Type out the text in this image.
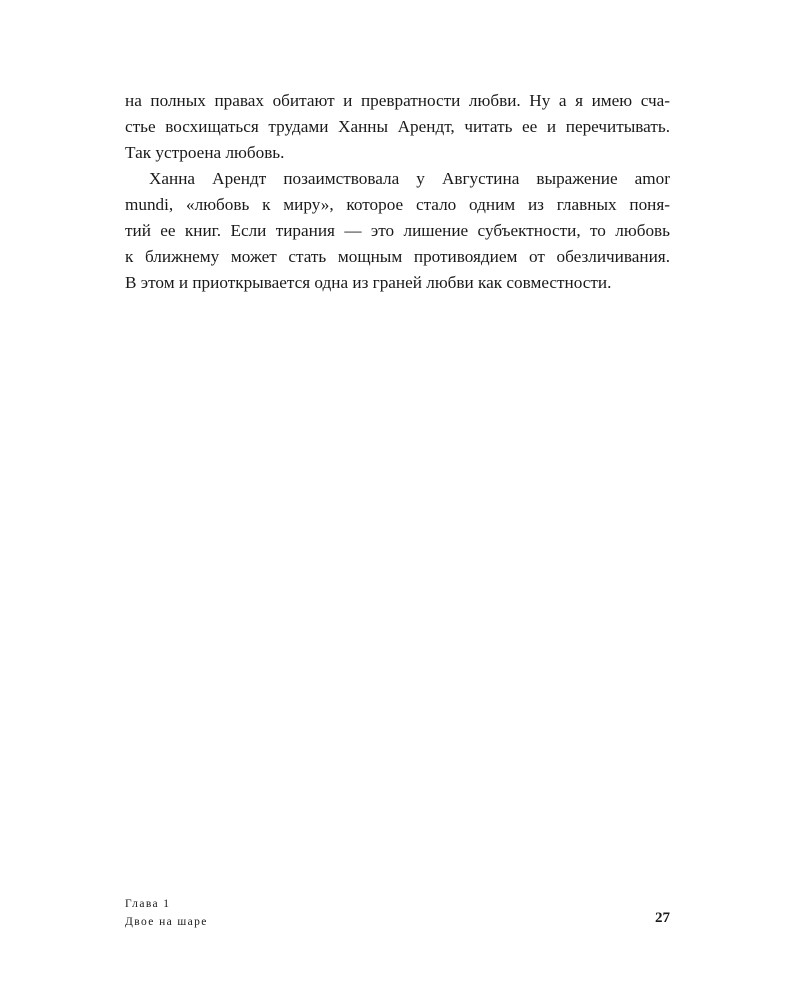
на полных правах обитают и превратности любви. Ну а я имею сча-
стье восхищаться трудами Ханны Арендт, читать ее и перечитывать.
Так устроена любовь.
Ханна Арендт позаимствовала у Августина выражение amor
mundi, «любовь к миру», которое стало одним из главных поня-
тий ее книг. Если тирания — это лишение субъектности, то любовь
к ближнему может стать мощным противоядием от обезличивания.
В этом и приоткрывается одна из граней любви как совместности.
Глава 1
Двое на шаре	27
